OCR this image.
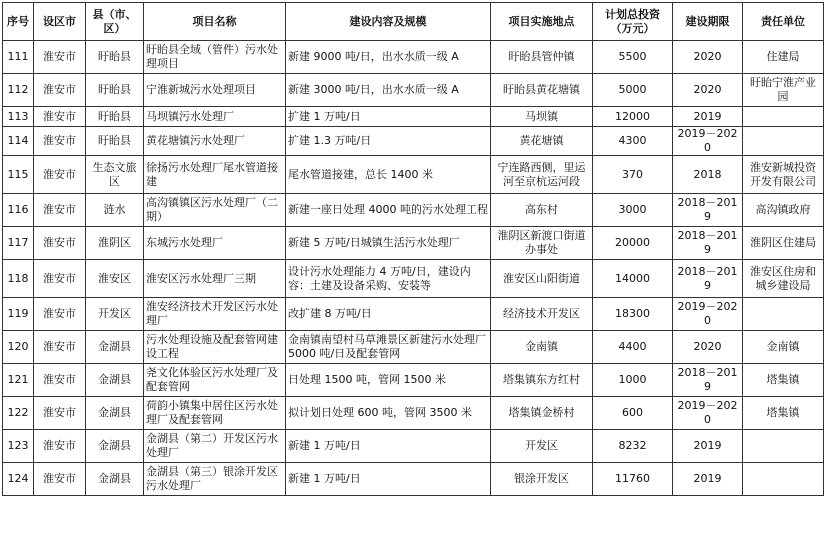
序号	设区市	县（市、区）	项目名称	建设内容及规模	项目实施地点	计划总投资（万元）	建设期限	责任单位
111	淮安市	盱眙县	盱眙县全域（管件）污水处理项目	新建 9000 吨/日，出水水质一级 A	盱眙县管仲镇	5500	2020	住建局
112	淮安市	盱眙县	宁淮新城污水处理项目	新建 3000 吨/日，出水水质一级 A	盱眙县黄花塘镇	5000	2020	盱眙宁淮产业园
113	淮安市	盱眙县	马坝镇污水处理厂	扩建 1 万吨/日	马坝镇	12000	2019	
114	淮安市	盱眙县	黄花塘镇污水处理厂	扩建 1.3 万吨/日	黄花塘镇	4300	2019－2020	
115	淮安市	生态文旅区	徐扬污水处理厂尾水管道接建	尾水管道接建，总长 1400 米	宁连路西侧，里运河至京杭运河段	370	2018	淮安新城投资开发有限公司
116	淮安市	涟水	高沟镇镇区污水处理厂（二期）	新建一座日处理 4000 吨的污水处理工程	高东村	3000	2018－2019	高沟镇政府
117	淮安市	淮阴区	东城污水处理厂	新建 5 万吨/日城镇生活污水处理厂	淮阴区新渡口街道办事处	20000	2018－2019	淮阴区住建局
118	淮安市	淮安区	淮安区污水处理厂三期	设计污水处理能力 4 万吨/日，建设内容：土建及设备采购、安装等	淮安区山阳街道	14000	2018－2019	淮安区住房和城乡建设局
119	淮安市	开发区	淮安经济技术开发区污水处理厂	改扩建 8 万吨/日	经济技术开发区	18300	2019－2020	
120	淮安市	金湖县	污水处理设施及配套管网建设工程	金南镇南望村马草滩景区新建污水处理厂 5000 吨/日及配套管网	金南镇	4400	2020	金南镇
121	淮安市	金湖县	尧文化体验区污水处理厂及配套管网	日处理 1500 吨，管网 1500 米	塔集镇东方红村	1000	2018－2019	塔集镇
122	淮安市	金湖县	荷韵小镇集中居住区污水处理厂及配套管网	拟计划日处理 600 吨，管网 3500 米	塔集镇金桥村	600	2019－2020	塔集镇
123	淮安市	金湖县	金湖县（第二）开发区污水处理厂	新建 1 万吨/日	开发区	8232	2019	
124	淮安市	金湖县	金湖县（第三）银涂开发区污水处理厂	新建 1 万吨/日	银涂开发区	11760	2019	
